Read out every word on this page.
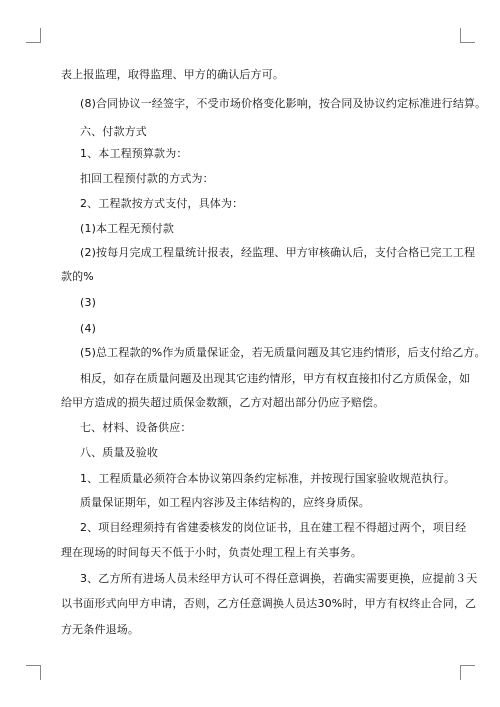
表上报监理，取得监理、甲方的确认后方可。
(8)合同协议一经签字，不受市场价格变化影响，按合同及协议约定标准进行结算。
六、付款方式
1、本工程预算款为：
扣回工程预付款的方式为：
2、工程款按方式支付，具体为：
(1)本工程无预付款
(2)按每月完成工程量统计报表，经监理、甲方审核确认后，支付合格已完工工程
款的%
(3)
(4)
(5)总工程款的%作为质量保证金，若无质量问题及其它违约情形，后支付给乙方。
相反，如存在质量问题及出现其它违约情形，甲方有权直接扣付乙方质保金，如
给甲方造成的损失超过质保金数额，乙方对超出部分仍应予赔偿。
七、材料、设备供应：
八、质量及验收
1、工程质量必须符合本协议第四条约定标准，并按现行国家验收规范执行。
质量保证期年，如工程内容涉及主体结构的，应终身质保。
2、项目经理须持有省建委核发的岗位证书，且在建工程不得超过两个，项目经
理在现场的时间每天不低于小时，负责处理工程上有关事务。
3、乙方所有进场人员未经甲方认可不得任意调换，若确实需要更换，应提前３天
以书面形式向甲方申请，否则，乙方任意调换人员达30%时，甲方有权终止合同，乙
方无条件退场。
